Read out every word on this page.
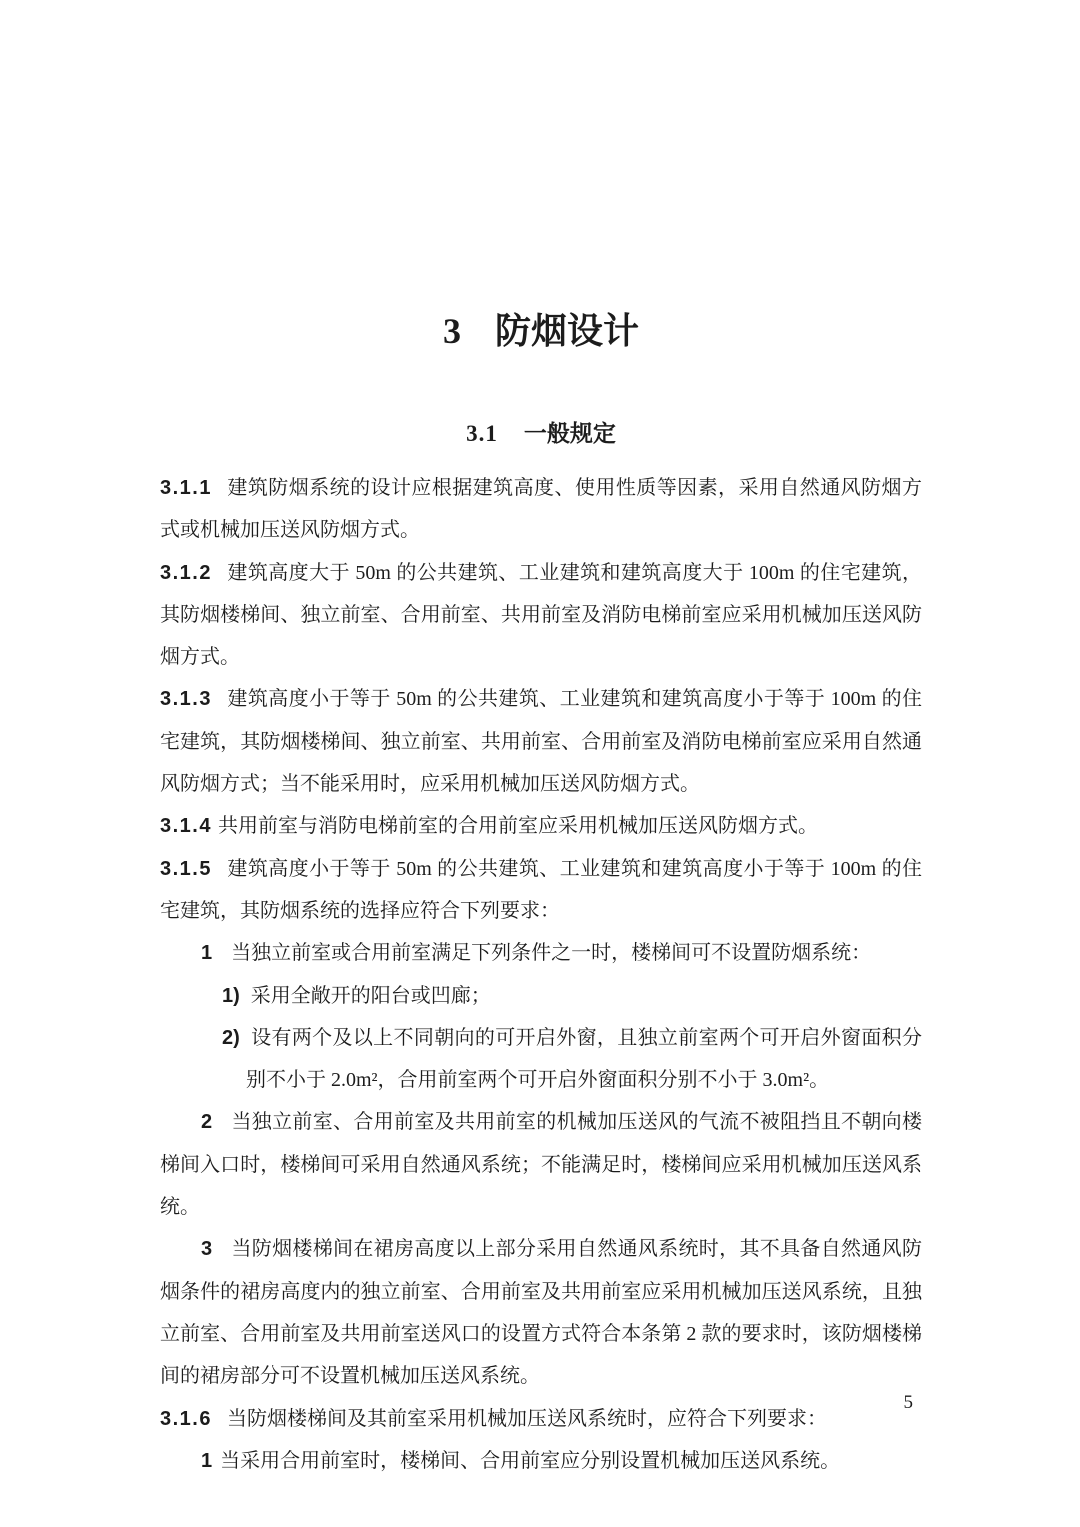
3 防烟设计
3.1 一般规定

3.1.1 建筑防烟系统的设计应根据建筑高度、使用性质等因素，采用自然通风防烟方式或机械加压送风防烟方式。

3.1.2 建筑高度大于 50m 的公共建筑、工业建筑和建筑高度大于 100m 的住宅建筑，其防烟楼梯间、独立前室、合用前室、共用前室及消防电梯前室应采用机械加压送风防烟方式。

3.1.3 建筑高度小于等于 50m 的公共建筑、工业建筑和建筑高度小于等于 100m 的住宅建筑，其防烟楼梯间、独立前室、共用前室、合用前室及消防电梯前室应采用自然通风防烟方式；当不能采用时，应采用机械加压送风防烟方式。

3.1.4 共用前室与消防电梯前室的合用前室应采用机械加压送风防烟方式。

3.1.5 建筑高度小于等于 50m 的公共建筑、工业建筑和建筑高度小于等于 100m 的住宅建筑，其防烟系统的选择应符合下列要求：

1 当独立前室或合用前室满足下列条件之一时，楼梯间可不设置防烟系统：

1) 采用全敞开的阳台或凹廊；

2) 设有两个及以上不同朝向的可开启外窗，且独立前室两个可开启外窗面积分别不小于 2.0m²，合用前室两个可开启外窗面积分别不小于 3.0m²。

2 当独立前室、合用前室及共用前室的机械加压送风的气流不被阻挡且不朝向楼梯间入口时，楼梯间可采用自然通风系统；不能满足时，楼梯间应采用机械加压送风系统。

3 当防烟楼梯间在裙房高度以上部分采用自然通风系统时，其不具备自然通风防烟条件的裙房高度内的独立前室、合用前室及共用前室应采用机械加压送风系统，且独立前室、合用前室及共用前室送风口的设置方式符合本条第 2 款的要求时，该防烟楼梯间的裙房部分可不设置机械加压送风系统。

3.1.6 当防烟楼梯间及其前室采用机械加压送风系统时，应符合下列要求：

1 当采用合用前室时，楼梯间、合用前室应分别设置机械加压送风系统。

5
